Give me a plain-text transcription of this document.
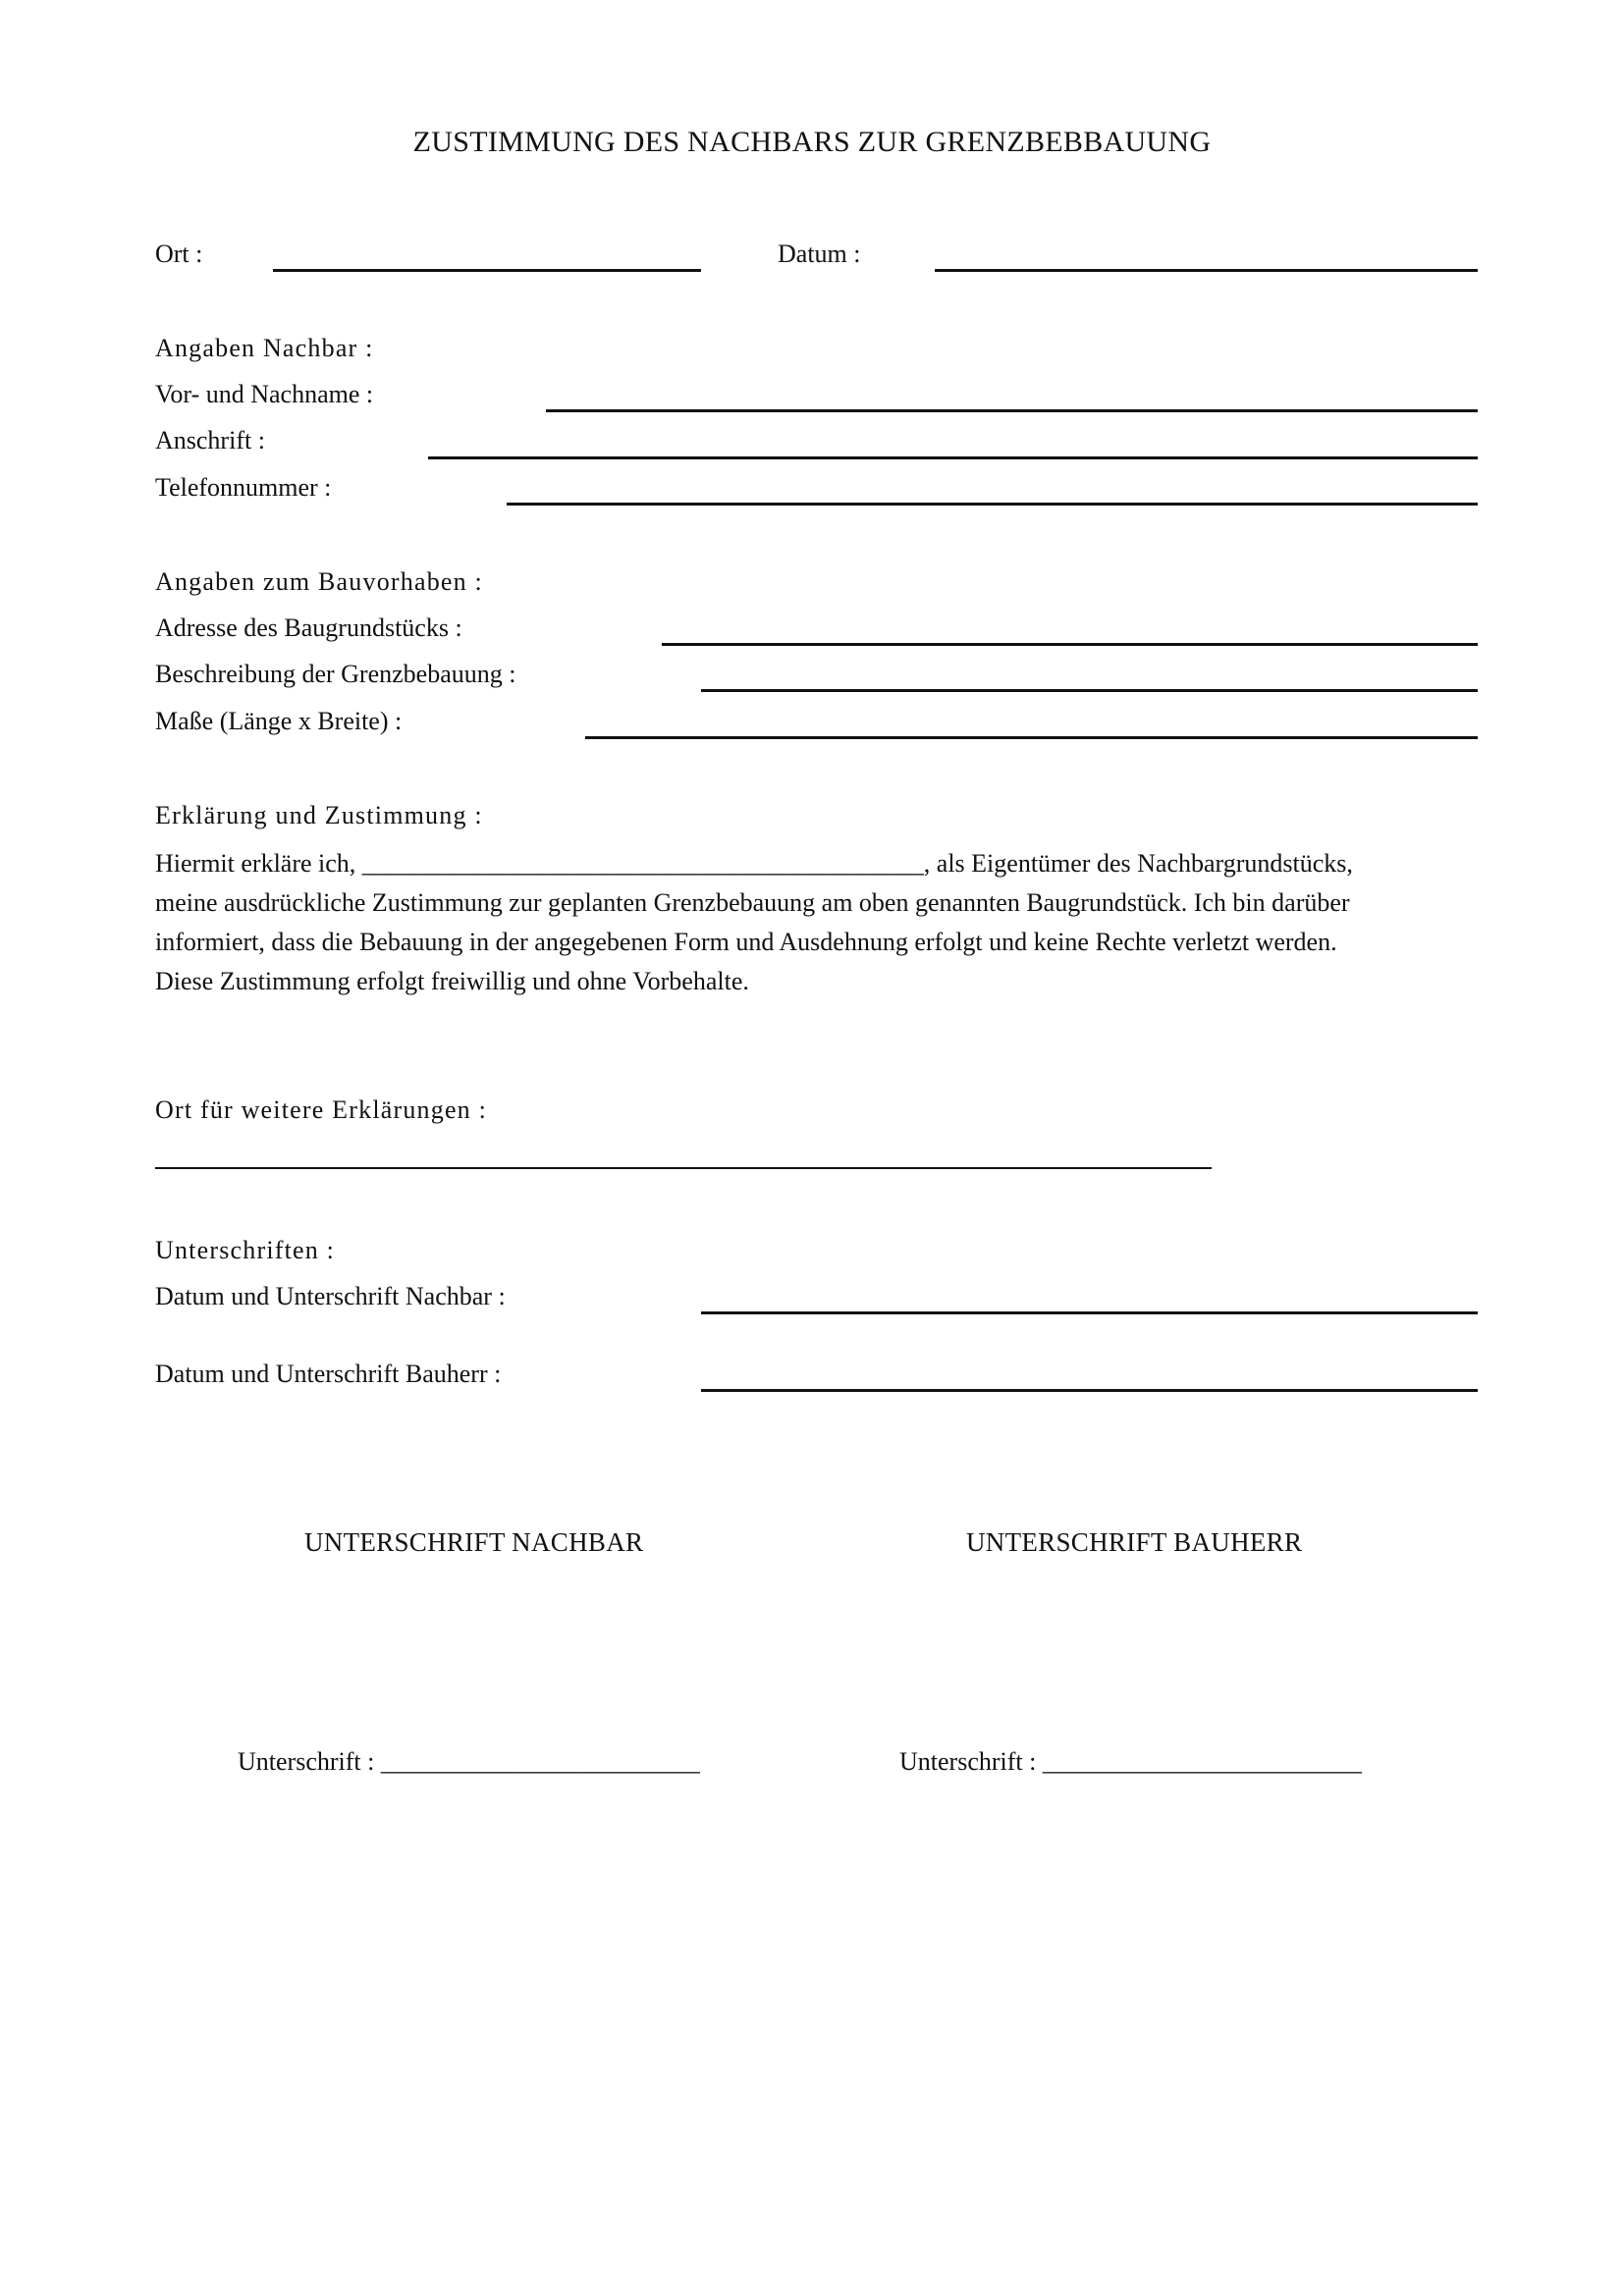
ZUSTIMMUNG DES NACHBARS ZUR GRENZBEBBAUUNG
Ort :	Datum :
Angaben Nachbar :
Vor- und Nachname :
Anschrift :
Telefonnummer :
Angaben zum Bauvorhaben :
Adresse des Baugrundstücks :
Beschreibung der Grenzbebauung :
Maße (Länge x Breite) :
Erklärung und Zustimmung :
Hiermit erkläre ich, ____________________________________________, als Eigentümer des Nachbargrundstücks,
meine ausdrückliche Zustimmung zur geplanten Grenzbebauung am oben genannten Baugrundstück. Ich bin darüber
informiert, dass die Bebauung in der angegebenen Form und Ausdehnung erfolgt und keine Rechte verletzt werden.
Diese Zustimmung erfolgt freiwillig und ohne Vorbehalte.
Ort für weitere Erklärungen :
Unterschriften :
Datum und Unterschrift Nachbar :
Datum und Unterschrift Bauherr :
UNTERSCHRIFT NACHBAR	UNTERSCHRIFT BAUHERR
Unterschrift : _________________________	Unterschrift : _________________________
